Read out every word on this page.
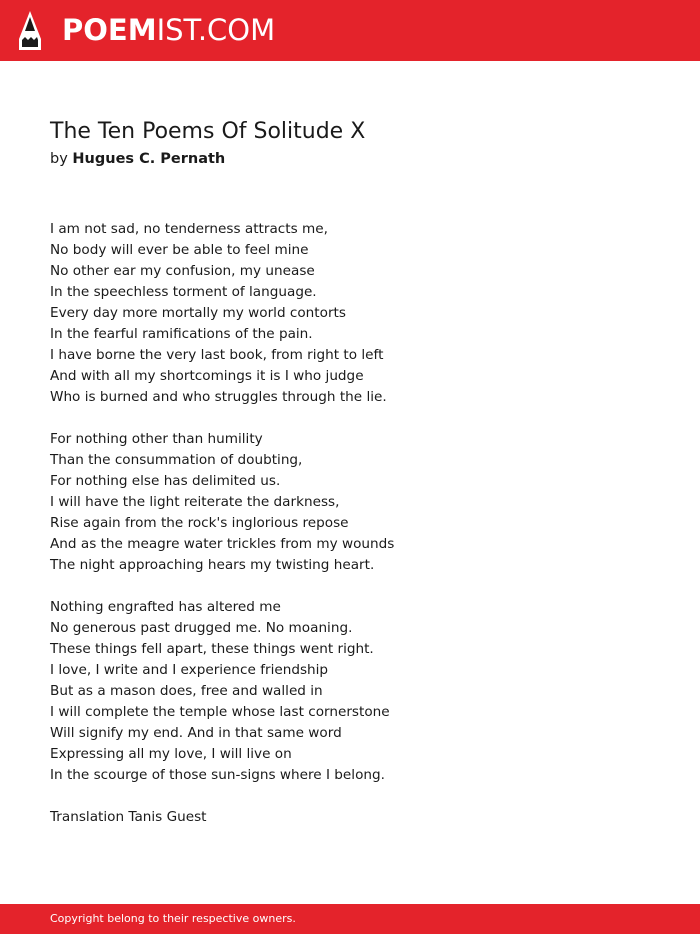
POEMIST.COM
The Ten Poems Of Solitude X
by Hugues C. Pernath
I am not sad, no tenderness attracts me,
No body will ever be able to feel mine
No other ear my confusion, my unease
In the speechless torment of language.
Every day more mortally my world contorts
In the fearful ramifications of the pain.
I have borne the very last book, from right to left
And with all my shortcomings it is I who judge
Who is burned and who struggles through the lie.
For nothing other than humility
Than the consummation of doubting,
For nothing else has delimited us.
I will have the light reiterate the darkness,
Rise again from the rock's inglorious repose
And as the meagre water trickles from my wounds
The night approaching hears my twisting heart.
Nothing engrafted has altered me
No generous past drugged me. No moaning.
These things fell apart, these things went right.
I love, I write and I experience friendship
But as a mason does, free and walled in
I will complete the temple whose last cornerstone
Will signify my end. And in that same word
Expressing all my love, I will live on
In the scourge of those sun-signs where I belong.
Translation Tanis Guest
Copyright belong to their respective owners.
